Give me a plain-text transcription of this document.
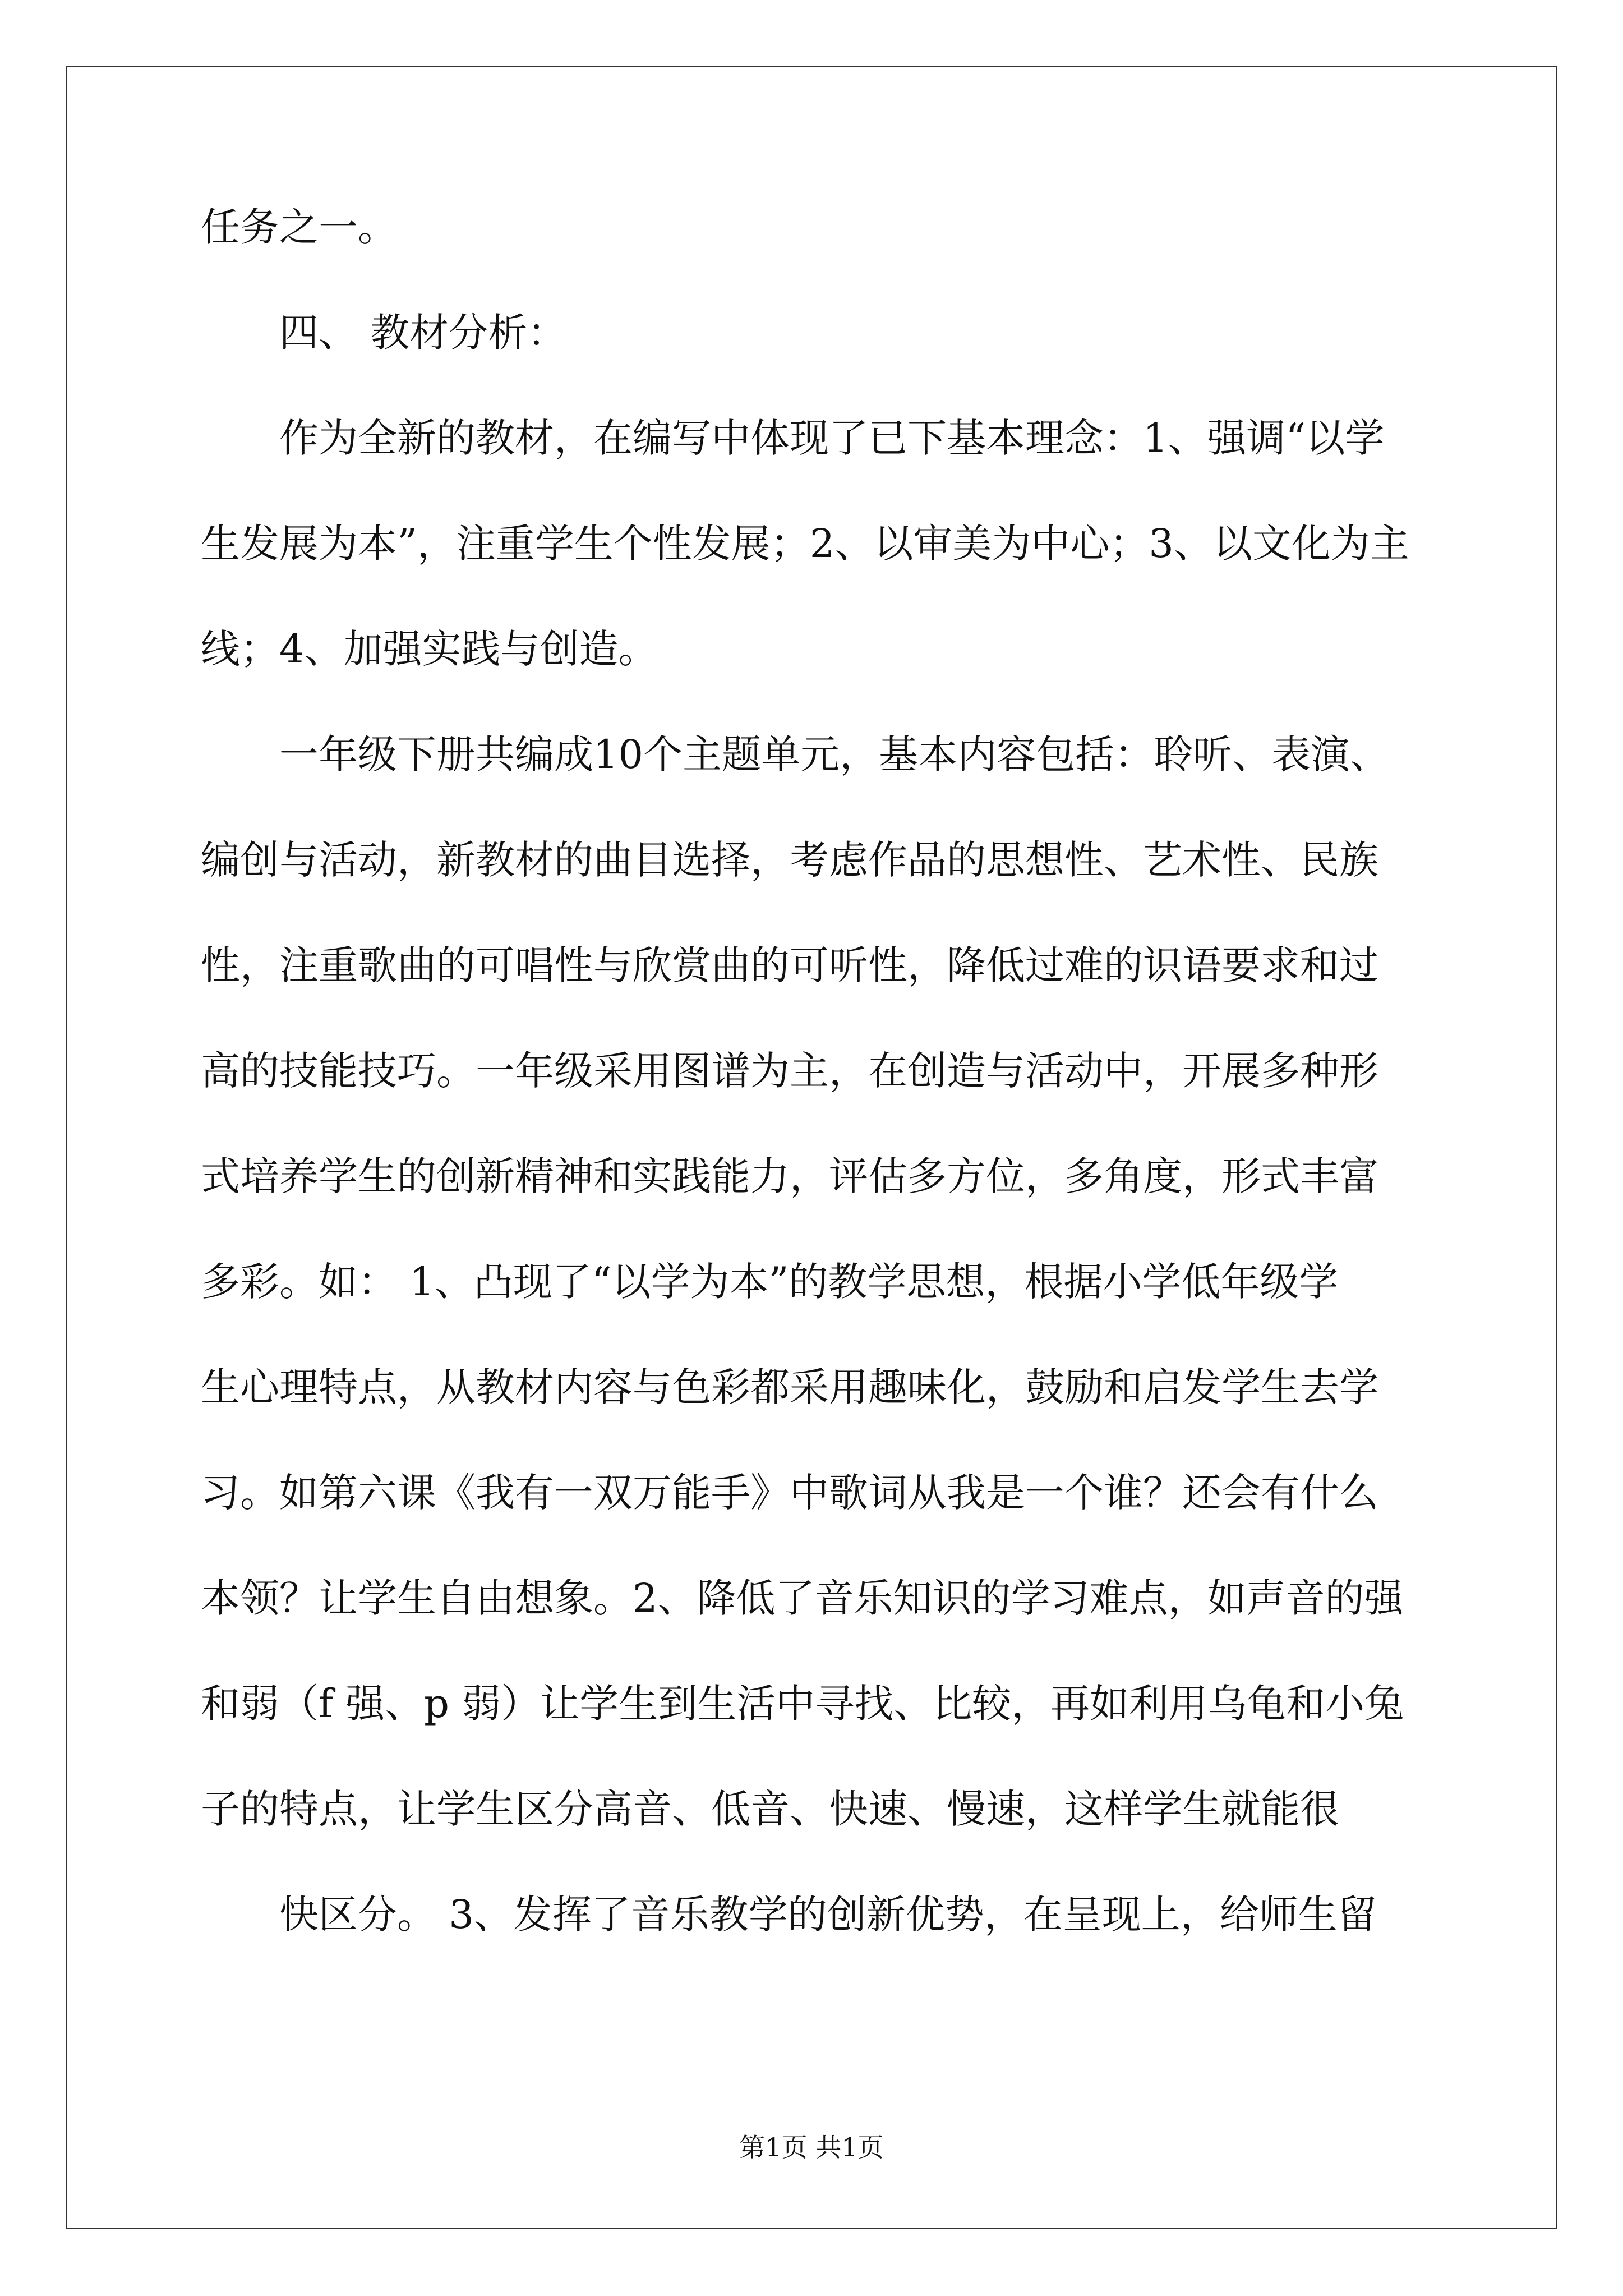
任务之一。

四、 教材分析：

作为全新的教材，在编写中体现了已下基本理念：1、强调“以学

生发展为本”，注重学生个性发展；2、以审美为中心；3、以文化为主

线；4、加强实践与创造。

一年级下册共编成10个主题单元，基本内容包括：聆听、表演、

编创与活动，新教材的曲目选择，考虑作品的思想性、艺术性、民族

性，注重歌曲的可唱性与欣赏曲的可听性，降低过难的识语要求和过

高的技能技巧。一年级采用图谱为主，在创造与活动中，开展多种形

式培养学生的创新精神和实践能力，评估多方位，多角度，形式丰富

多彩。如： 1、凸现了“以学为本”的教学思想，根据小学低年级学

生心理特点，从教材内容与色彩都采用趣味化，鼓励和启发学生去学

习。如第六课《我有一双万能手》中歌词从我是一个谁？还会有什么

本领？让学生自由想象。2、降低了音乐知识的学习难点，如声音的强

和弱（f 强、p 弱）让学生到生活中寻找、比较，再如利用乌龟和小兔

子的特点，让学生区分高音、低音、快速、慢速，这样学生就能很

快区分。 3、发挥了音乐教学的创新优势，在呈现上，给师生留

第1页 共1页
